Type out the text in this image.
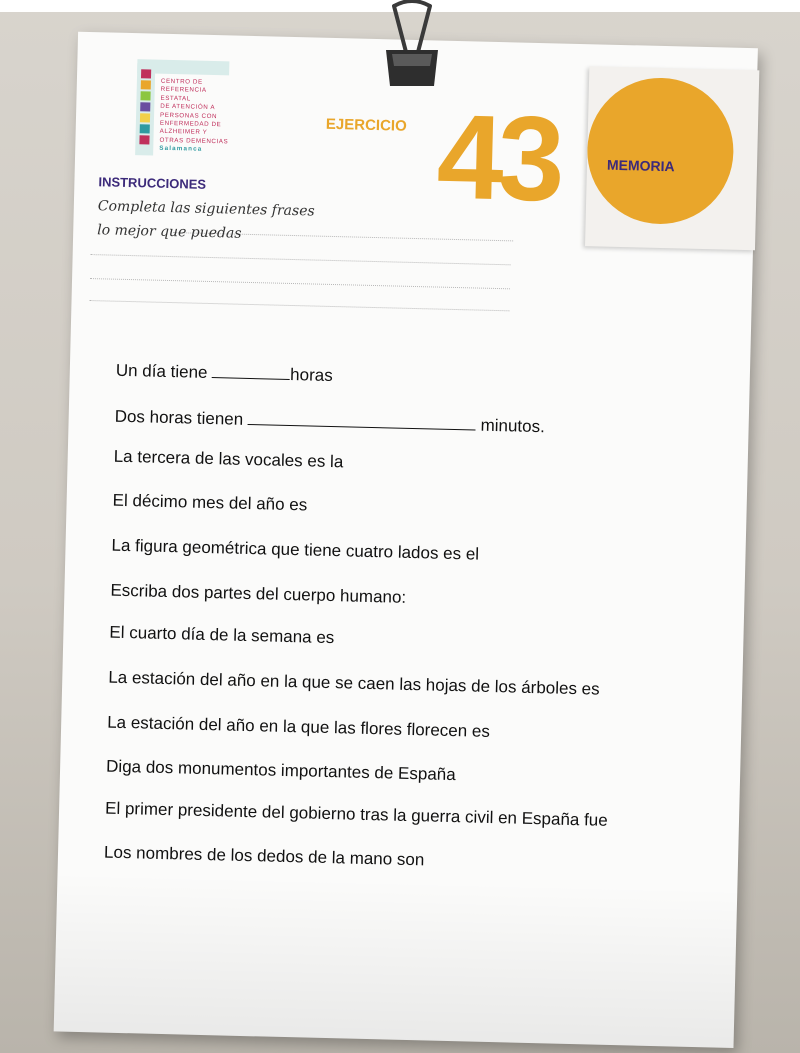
CENTRO DE
REFERENCIA ESTATAL
DE ATENCIÓN A
PERSONAS CON
ENFERMEDAD DE
ALZHEIMER Y
OTRAS DEMENCIAS
Salamanca
EJERCICIO 43	MEMORIA
INSTRUCCIONES
Completa las siguientes frases
lo mejor que puedas
Un día tiene	horas
Dos horas tienen	minutos.
La tercera de las vocales es la
El décimo mes del año es
La figura geométrica que tiene cuatro lados es el
Escriba dos partes del cuerpo humano:
El cuarto día de la semana es
La estación del año en la que se caen las hojas de los árboles es
La estación del año en la que las flores florecen es
Diga dos monumentos importantes de España
El primer presidente del gobierno tras la guerra civil en España fue
Los nombres de los dedos de la mano son
